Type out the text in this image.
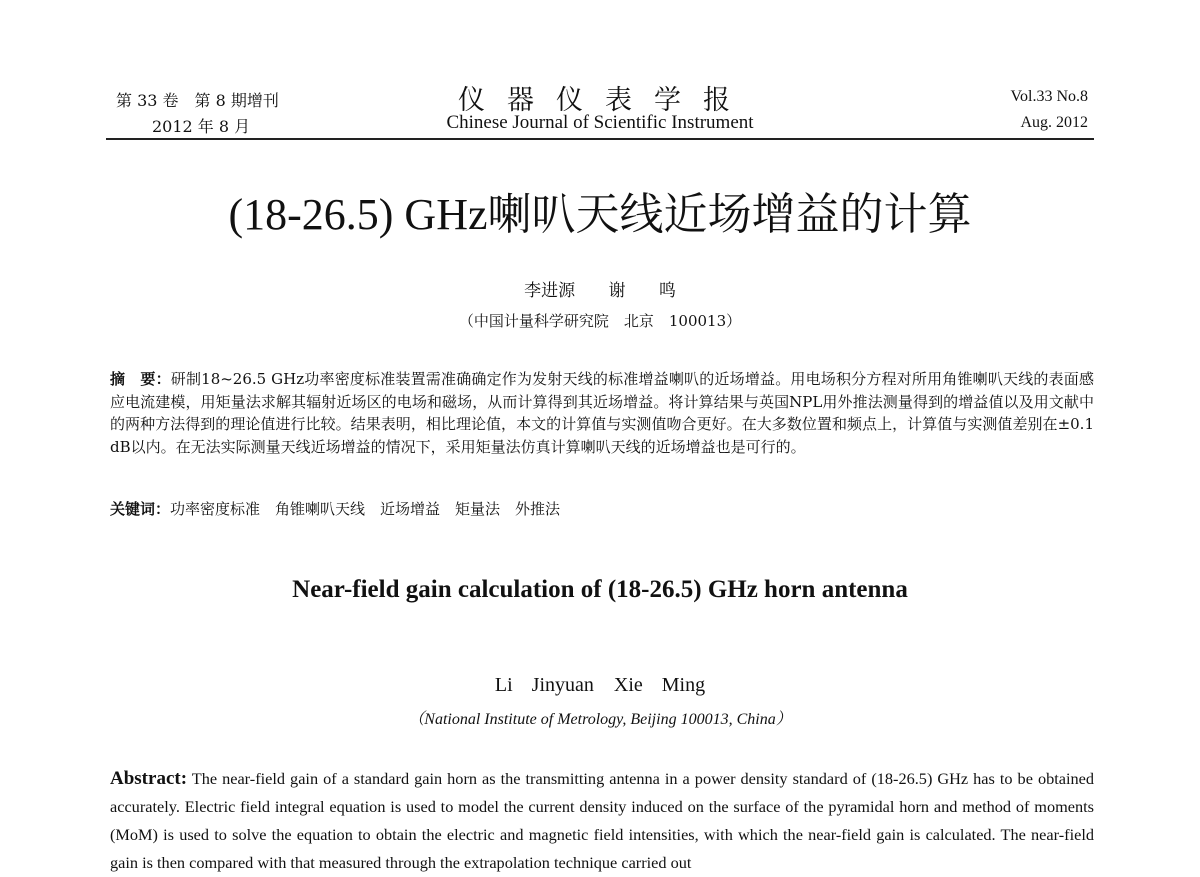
第 33 卷　第 8 期增刊
2012 年 8 月
仪器仪表学报
Chinese Journal of Scientific Instrument
Vol.33 No.8
Aug. 2012
(18-26.5) GHz喇叭天线近场增益的计算
李进源 谢 鸣
（中国计量科学研究院　北京　100013）
摘　要：研制18~26.5 GHz功率密度标准装置需准确确定作为发射天线的标准增益喇叭的近场增益。用电场积分方程对所用角锥喇叭天线的表面感应电流建模，用矩量法求解其辐射近场区的电场和磁场，从而计算得到其近场增益。将计算结果与英国NPL用外推法测量得到的增益值以及用文献中的两种方法得到的理论值进行比较。结果表明，相比理论值，本文的计算值与实测值吻合更好。在大多数位置和频点上，计算值与实测值差别在±0.1 dB以内。在无法实际测量天线近场增益的情况下，采用矩量法仿真计算喇叭天线的近场增益也是可行的。
关键词：功率密度标准　角锥喇叭天线　近场增益　矩量法　外推法
Near-field gain calculation of (18-26.5) GHz horn antenna
Li Jinyuan　Xie Ming
（National Institute of Metrology, Beijing 100013, China）
Abstract: The near-field gain of a standard gain horn as the transmitting antenna in a power density standard of (18-26.5) GHz has to be obtained accurately. Electric field integral equation is used to model the current density induced on the surface of the pyramidal horn and method of moments (MoM) is used to solve the equation to obtain the electric and magnetic field intensities, with which the near-field gain is calculated. The near-field gain is then compared with that measured through the extrapolation technique carried out
